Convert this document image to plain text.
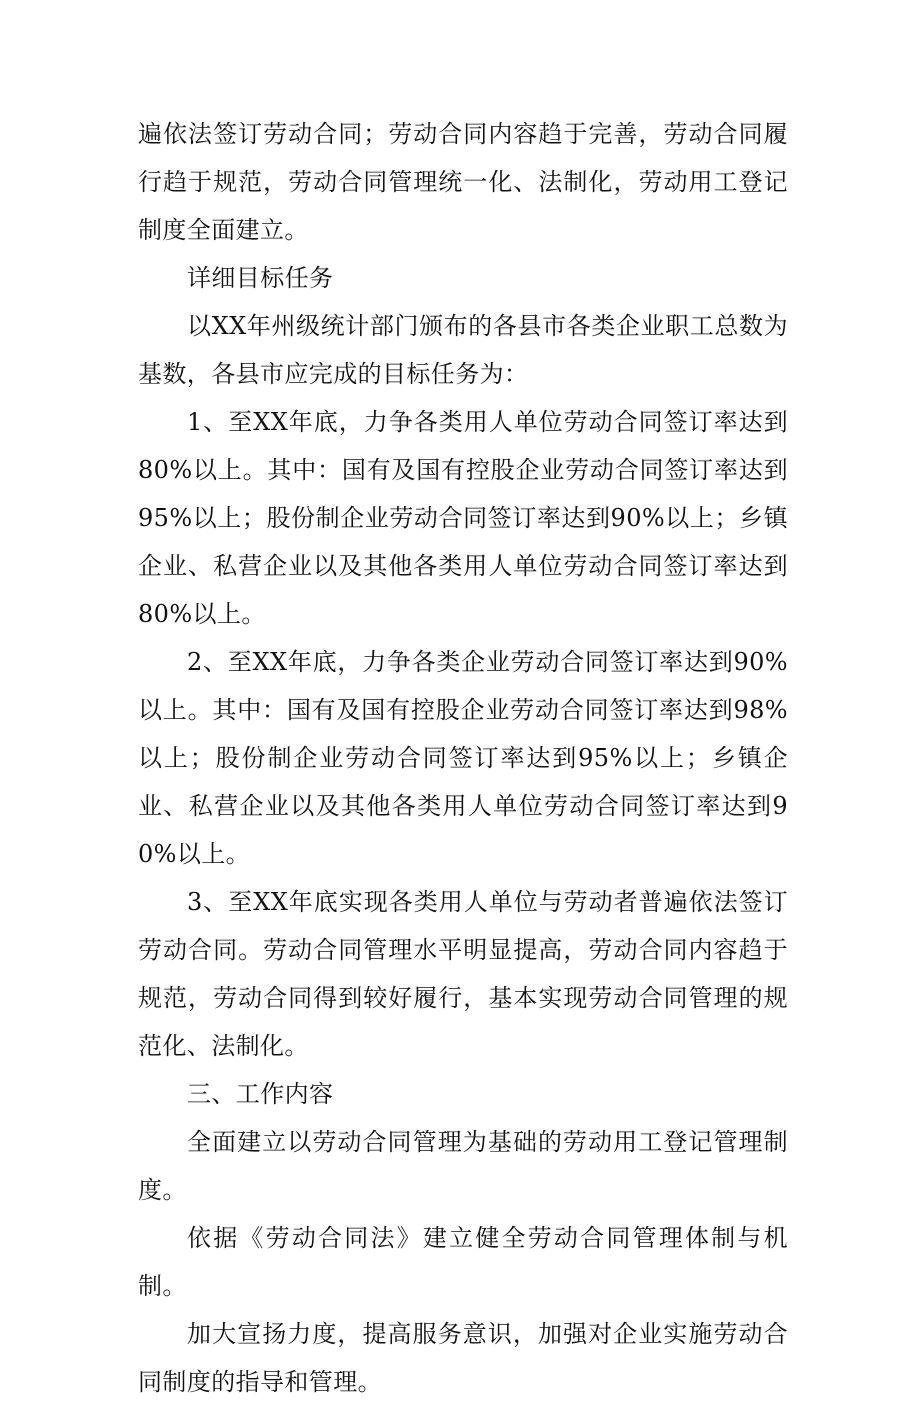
遍依法签订劳动合同；劳动合同内容趋于完善，劳动合同履行趋于规范，劳动合同管理统一化、法制化，劳动用工登记制度全面建立。

详细目标任务

以XX年州级统计部门颁布的各县市各类企业职工总数为基数，各县市应完成的目标任务为：

1、至XX年底，力争各类用人单位劳动合同签订率达到80%以上。其中：国有及国有控股企业劳动合同签订率达到95%以上；股份制企业劳动合同签订率达到90%以上；乡镇企业、私营企业以及其他各类用人单位劳动合同签订率达到80%以上。

2、至XX年底，力争各类企业劳动合同签订率达到90%以上。其中：国有及国有控股企业劳动合同签订率达到98%以上；股份制企业劳动合同签订率达到95%以上；乡镇企业、私营企业以及其他各类用人单位劳动合同签订率达到90%以上。

3、至XX年底实现各类用人单位与劳动者普遍依法签订劳动合同。劳动合同管理水平明显提高，劳动合同内容趋于规范，劳动合同得到较好履行，基本实现劳动合同管理的规范化、法制化。

三、工作内容

全面建立以劳动合同管理为基础的劳动用工登记管理制度。

依据《劳动合同法》建立健全劳动合同管理体制与机制。

加大宣扬力度，提高服务意识，加强对企业实施劳动合同制度的指导和管理。
